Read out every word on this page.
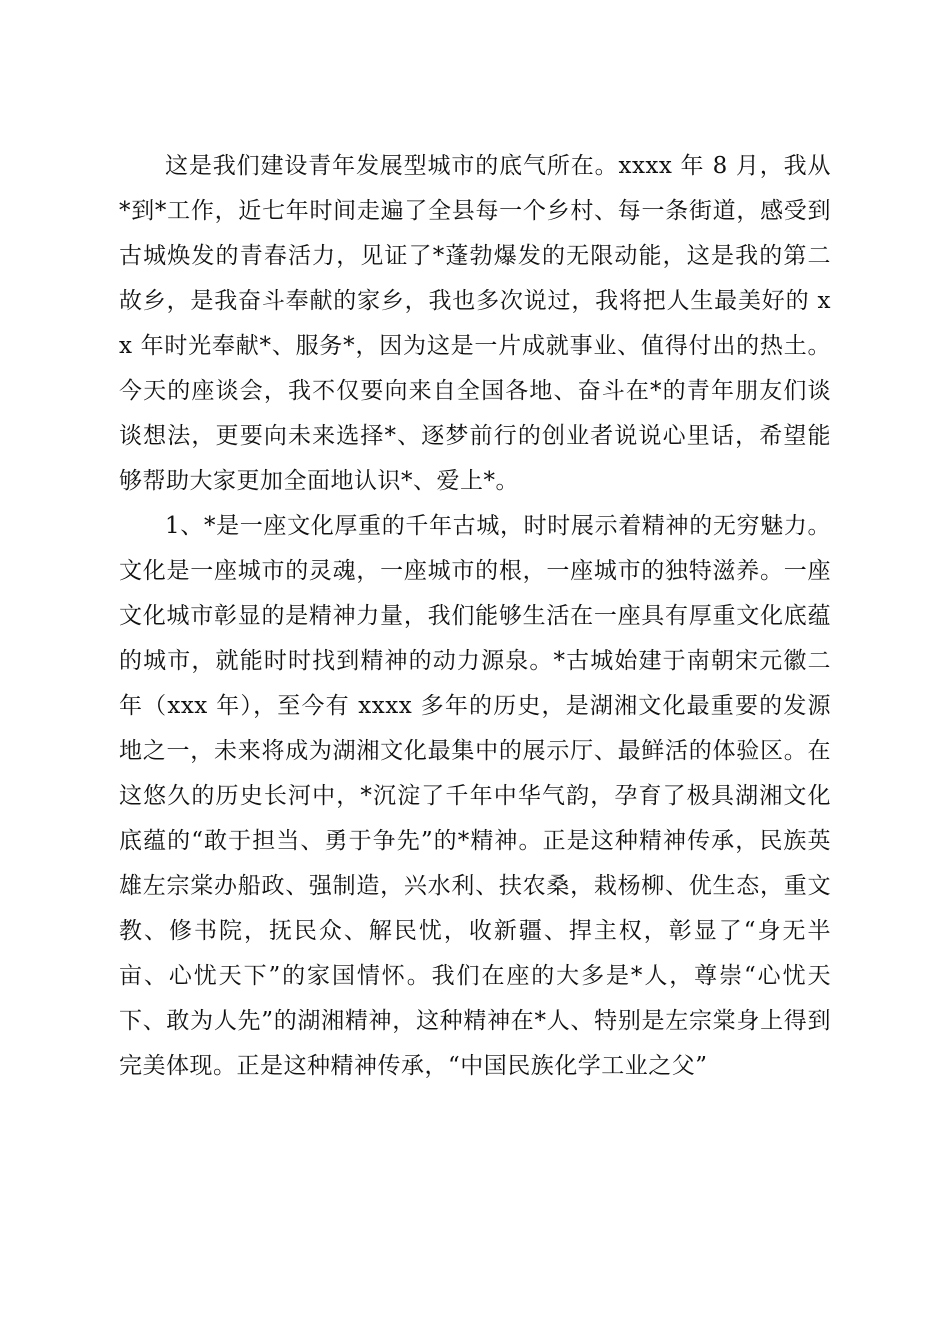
这是我们建设青年发展型城市的底气所在。xxxx 年 8 月，我从*到*工作，近七年时间走遍了全县每一个乡村、每一条街道，感受到古城焕发的青春活力，见证了*蓬勃爆发的无限动能，这是我的第二故乡，是我奋斗奉献的家乡，我也多次说过，我将把人生最美好的 xx 年时光奉献*、服务*，因为这是一片成就事业、值得付出的热土。今天的座谈会，我不仅要向来自全国各地、奋斗在*的青年朋友们谈谈想法，更要向未来选择*、逐梦前行的创业者说说心里话，希望能够帮助大家更加全面地认识*、爱上*。

1、*是一座文化厚重的千年古城，时时展示着精神的无穷魅力。文化是一座城市的灵魂，一座城市的根，一座城市的独特滋养。一座文化城市彰显的是精神力量，我们能够生活在一座具有厚重文化底蕴的城市，就能时时找到精神的动力源泉。*古城始建于南朝宋元徽二年（xxx 年），至今有 xxxx 多年的历史，是湖湘文化最重要的发源地之一，未来将成为湖湘文化最集中的展示厅、最鲜活的体验区。在这悠久的历史长河中，*沉淀了千年中华气韵，孕育了极具湖湘文化底蕴的“敢于担当、勇于争先”的*精神。正是这种精神传承，民族英雄左宗棠办船政、强制造，兴水利、扶农桑，栽杨柳、优生态，重文教、修书院，抚民众、解民忧，收新疆、捍主权，彰显了“身无半亩、心忧天下”的家国情怀。我们在座的大多是*人，尊崇“心忧天下、敢为人先”的湖湘精神，这种精神在*人、特别是左宗棠身上得到完美体现。正是这种精神传承，“中国民族化学工业之父”
